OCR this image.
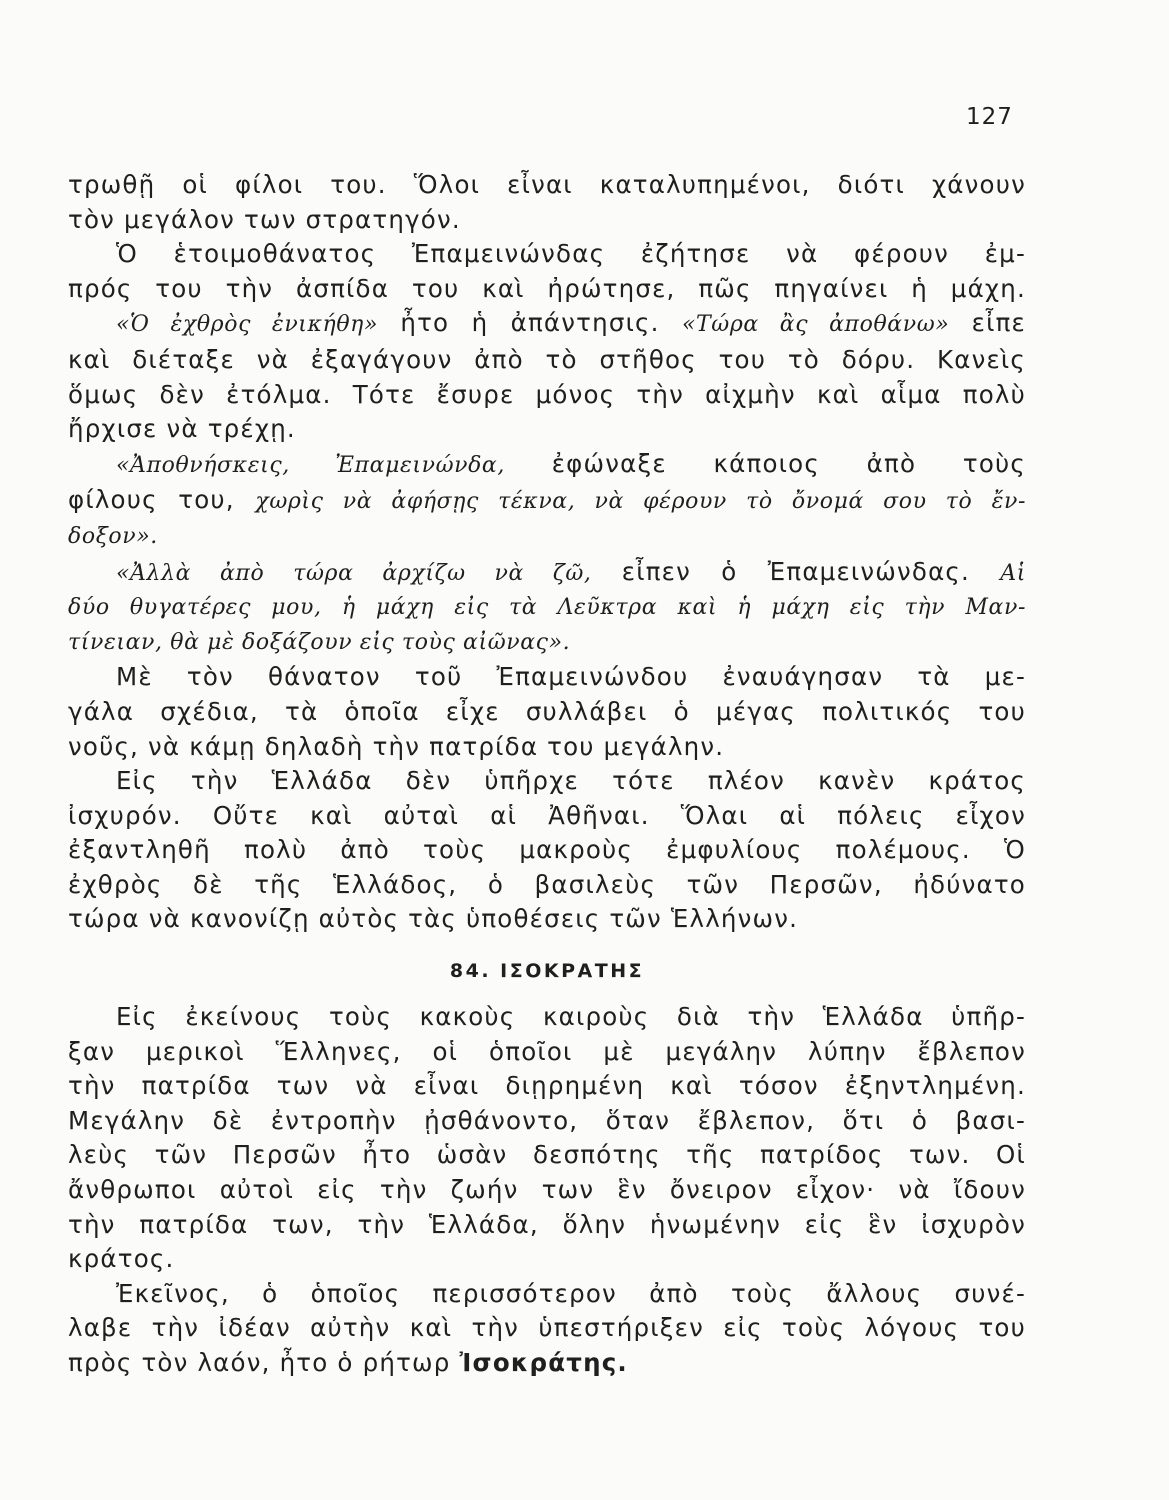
127
τρωθῇ οἱ φίλοι του. Ὅλοι εἶναι καταλυπημένοι, διότι χάνουν
τὸν μεγάλον των στρατηγόν.
Ὁ ἑτοιμοθάνατος Ἐπαμεινώνδας ἐζήτησε νὰ φέρουν ἐμ-
πρός του τὴν ἀσπίδα του καὶ ἠρώτησε, πῶς πηγαίνει ἡ μάχη.
«Ὁ ἐχθρὸς ἐνικήθη» ἦτο ἡ ἀπάντησις. «Τώρα ἂς ἀποθάνω» εἶπε
καὶ διέταξε νὰ ἐξαγάγουν ἀπὸ τὸ στῆθος του τὸ δόρυ. Κανεὶς
ὅμως δὲν ἐτόλμα. Τότε ἔσυρε μόνος τὴν αἰχμὴν καὶ αἷμα πολὺ
ἤρχισε νὰ τρέχῃ.
«Ἀποθνήσκεις, Ἐπαμεινώνδα, ἐφώναξε κάποιος ἀπὸ τοὺς
φίλους του, χωρὶς νὰ ἀφήσῃς τέκνα, νὰ φέρουν τὸ ὄνομά σου τὸ ἔν-
δοξον».
«Ἀλλὰ ἀπὸ τώρα ἀρχίζω νὰ ζῶ, εἶπεν ὁ Ἐπαμεινώνδας. Αἱ
δύο θυγατέρες μου, ἡ μάχη εἰς τὰ Λεῦκτρα καὶ ἡ μάχη εἰς τὴν Μαν-
τίνειαν, θὰ μὲ δοξάζουν εἰς τοὺς αἰῶνας».
Μὲ τὸν θάνατον τοῦ Ἐπαμεινώνδου ἐναυάγησαν τὰ με-
γάλα σχέδια, τὰ ὁποῖα εἶχε συλλάβει ὁ μέγας πολιτικός του
νοῦς, νὰ κάμῃ δηλαδὴ τὴν πατρίδα του μεγάλην.
Εἰς τὴν Ἑλλάδα δὲν ὑπῆρχε τότε πλέον κανὲν κράτος
ἰσχυρόν. Οὔτε καὶ αὐταὶ αἱ Ἀθῆναι. Ὅλαι αἱ πόλεις εἶχον
ἐξαντληθῆ πολὺ ἀπὸ τοὺς μακροὺς ἐμφυλίους πολέμους. Ὁ
ἐχθρὸς δὲ τῆς Ἑλλάδος, ὁ βασιλεὺς τῶν Περσῶν, ἠδύνατο
τώρα νὰ κανονίζῃ αὐτὸς τὰς ὑποθέσεις τῶν Ἑλλήνων.
84. ΙΣΟΚΡΑΤΗΣ
Εἰς ἐκείνους τοὺς κακοὺς καιροὺς διὰ τὴν Ἑλλάδα ὑπῆρ-
ξαν μερικοὶ Ἕλληνες, οἱ ὁποῖοι μὲ μεγάλην λύπην ἔβλεπον
τὴν πατρίδα των νὰ εἶναι διῃρημένη καὶ τόσον ἐξηντλημένη.
Μεγάλην δὲ ἐντροπὴν ᾐσθάνοντο, ὅταν ἔβλεπον, ὅτι ὁ βασι-
λεὺς τῶν Περσῶν ἦτο ὡσὰν δεσπότης τῆς πατρίδος των. Οἱ
ἄνθρωποι αὐτοὶ εἰς τὴν ζωήν των ἓν ὄνειρον εἶχον· νὰ ἴδουν
τὴν πατρίδα των, τὴν Ἑλλάδα, ὅλην ἡνωμένην εἰς ἓν ἰσχυρὸν
κράτος.
Ἐκεῖνος, ὁ ὁποῖος περισσότερον ἀπὸ τοὺς ἄλλους συνέ-
λαβε τὴν ἰδέαν αὐτὴν καὶ τὴν ὑπεστήριξεν εἰς τοὺς λόγους του
πρὸς τὸν λαόν, ἦτο ὁ ρήτωρ Ἰσοκράτης.
